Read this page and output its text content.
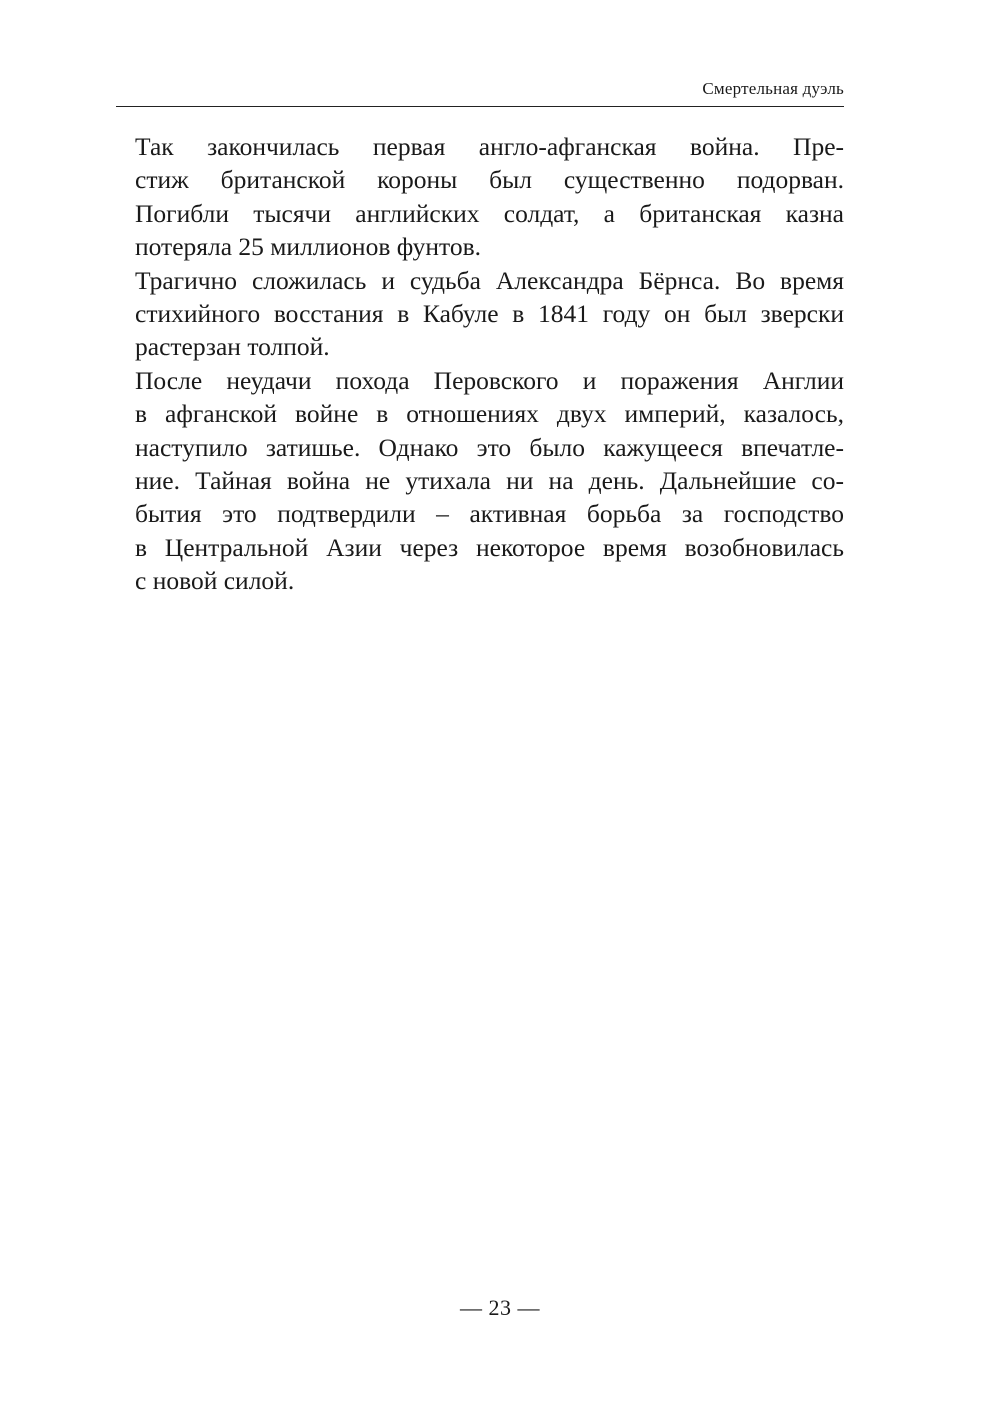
Смертельная дуэль

Так закончилась первая англо-афганская война. Пре-
стиж британской короны был существенно подорван.
Погибли тысячи английских солдат, а британская казна
потеряла 25 миллионов фунтов.

Трагично сложилась и судьба Александра Бёрнса. Во время
стихийного восстания в Кабуле в 1841 году он был зверски
растерзан толпой.

После неудачи похода Перовского и поражения Англии
в афганской войне в отношениях двух империй, казалось,
наступило затишье. Однако это было кажущееся впечатле-
ние. Тайная война не утихала ни на день. Дальнейшие со-
бытия это подтвердили – активная борьба за господство
в Центральной Азии через некоторое время возобновилась
с новой силой.

— 23 —
